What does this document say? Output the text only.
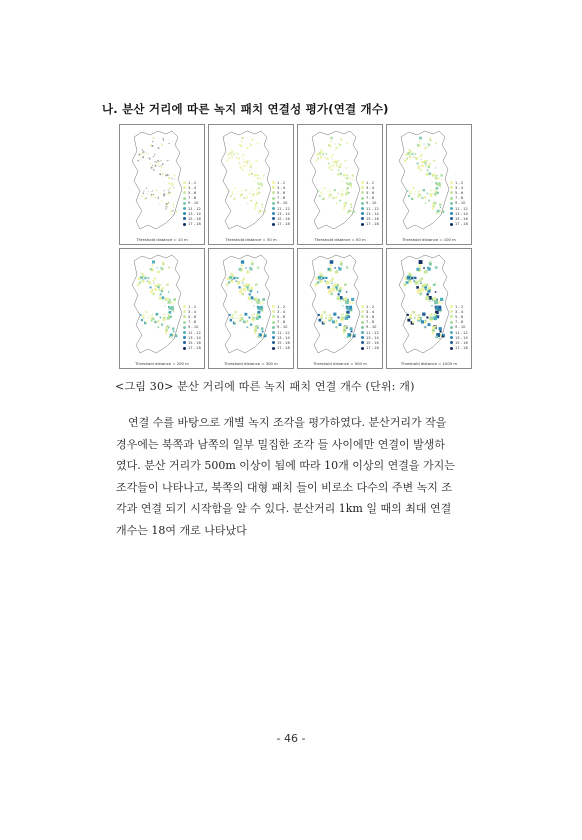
나. 분산 거리에 따른 녹지 패치 연결성 평가(연결 개수)
1 - 2
3 - 4
5 - 6
7 - 8
9 - 10
11 - 12
13 - 14
15 - 16
17 - 18
Threshold distance = 10 m
1 - 2
3 - 4
5 - 6
7 - 8
9 - 10
11 - 12
13 - 14
15 - 16
17 - 18
Threshold distance = 30 m
1 - 2
3 - 4
5 - 6
7 - 8
9 - 10
11 - 12
13 - 14
15 - 16
17 - 18
Threshold distance = 50 m
1 - 2
3 - 4
5 - 6
7 - 8
9 - 10
11 - 12
13 - 14
15 - 16
17 - 18
Threshold distance = 100 m
1 - 2
3 - 4
5 - 6
7 - 8
9 - 10
11 - 12
13 - 14
15 - 16
17 - 18
Threshold distance = 200 m
1 - 2
3 - 4
5 - 6
7 - 8
9 - 10
11 - 12
13 - 14
15 - 16
17 - 18
Threshold distance = 300 m
1 - 2
3 - 4
5 - 6
7 - 8
9 - 10
11 - 12
13 - 14
15 - 16
17 - 18
Threshold distance = 500 m
1 - 2
3 - 4
5 - 6
7 - 8
9 - 10
11 - 12
13 - 14
15 - 16
17 - 18
Threshold distance = 1000 m
<그림 30> 분산 거리에 따른 녹지 패치 연결 개수 (단위: 개)
연결 수를 바탕으로 개별 녹지 조각을 평가하였다. 분산거리가 작을
경우에는 북쪽과 남쪽의 일부 밀집한 조각 들 사이에만 연결이 발생하
였다. 분산 거리가 500m 이상이 됨에 따라 10개 이상의 연결을 가지는
조각들이 나타나고, 북쪽의 대형 패치 들이 비로소 다수의 주변 녹지 조
각과 연결 되기 시작함을 알 수 있다. 분산거리 1km 일 때의 최대 연결
개수는 18여 개로 나타났다
- 46 -
